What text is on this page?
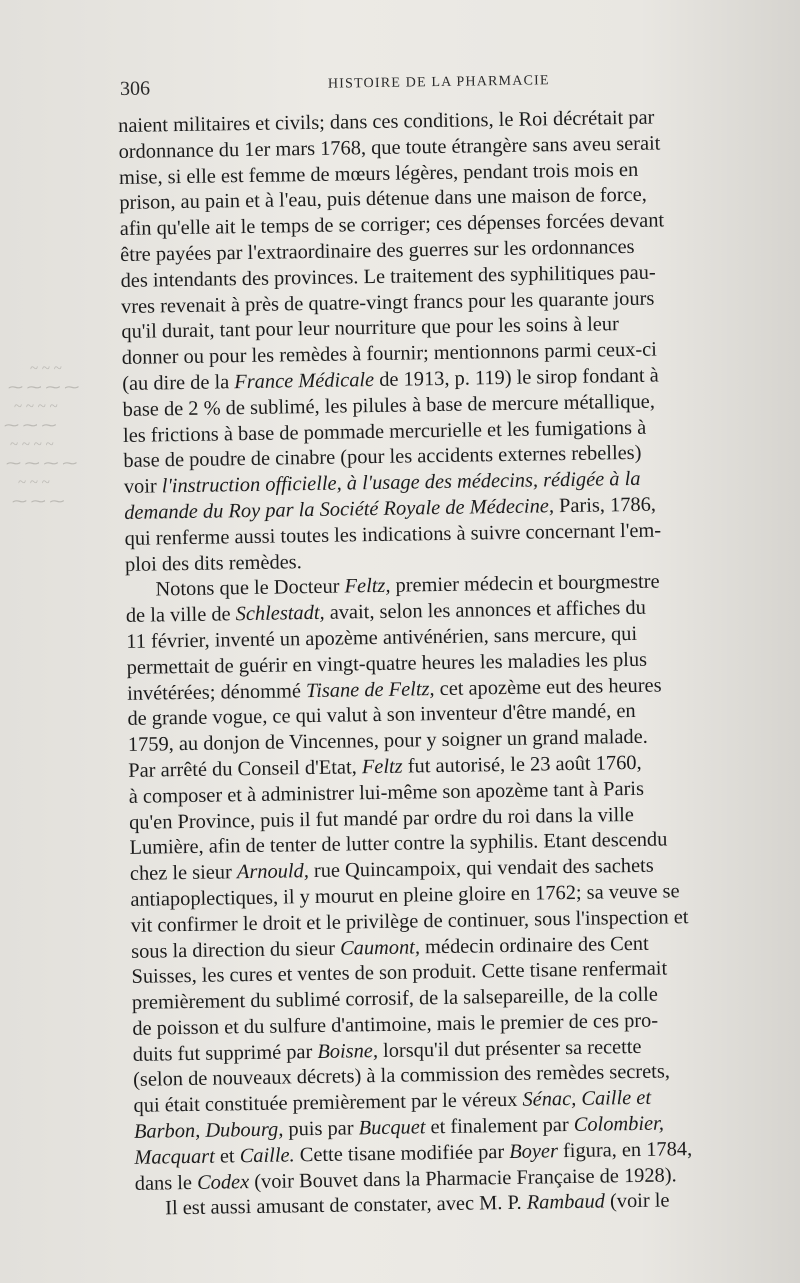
~ ~ ~
⁓ ⁓ ⁓ ⁓
~ ~ ~ ~
⁓ ⁓ ⁓
~ ~ ~ ~
⁓ ⁓ ⁓ ⁓
~ ~ ~
⁓ ⁓ ⁓
306	HISTOIRE DE LA PHARMACIE
naient militaires et civils; dans ces conditions, le Roi décrétait par
ordonnance du 1er mars 1768, que toute étrangère sans aveu serait
mise, si elle est femme de mœurs légères, pendant trois mois en
prison, au pain et à l'eau, puis détenue dans une maison de force,
afin qu'elle ait le temps de se corriger; ces dépenses forcées devant
être payées par l'extraordinaire des guerres sur les ordonnances
des intendants des provinces. Le traitement des syphilitiques pau-
vres revenait à près de quatre-vingt francs pour les quarante jours
qu'il durait, tant pour leur nourriture que pour les soins à leur
donner ou pour les remèdes à fournir; mentionnons parmi ceux-ci
(au dire de la France Médicale de 1913, p. 119) le sirop fondant à
base de 2 % de sublimé, les pilules à base de mercure métallique,
les frictions à base de pommade mercurielle et les fumigations à
base de poudre de cinabre (pour les accidents externes rebelles)
voir l'instruction officielle, à l'usage des médecins, rédigée à la
demande du Roy par la Société Royale de Médecine, Paris, 1786,
qui renferme aussi toutes les indications à suivre concernant l'em-
ploi des dits remèdes.
Notons que le Docteur Feltz, premier médecin et bourgmestre
de la ville de Schlestadt, avait, selon les annonces et affiches du
11 février, inventé un apozème antivénérien, sans mercure, qui
permettait de guérir en vingt-quatre heures les maladies les plus
invétérées; dénommé Tisane de Feltz, cet apozème eut des heures
de grande vogue, ce qui valut à son inventeur d'être mandé, en
1759, au donjon de Vincennes, pour y soigner un grand malade.
Par arrêté du Conseil d'Etat, Feltz fut autorisé, le 23 août 1760,
à composer et à administrer lui-même son apozème tant à Paris
qu'en Province, puis il fut mandé par ordre du roi dans la ville
Lumière, afin de tenter de lutter contre la syphilis. Etant descendu
chez le sieur Arnould, rue Quincampoix, qui vendait des sachets
antiapoplectiques, il y mourut en pleine gloire en 1762; sa veuve se
vit confirmer le droit et le privilège de continuer, sous l'inspection et
sous la direction du sieur Caumont, médecin ordinaire des Cent
Suisses, les cures et ventes de son produit. Cette tisane renfermait
premièrement du sublimé corrosif, de la salsepareille, de la colle
de poisson et du sulfure d'antimoine, mais le premier de ces pro-
duits fut supprimé par Boisne, lorsqu'il dut présenter sa recette
(selon de nouveaux décrets) à la commission des remèdes secrets,
qui était constituée premièrement par le véreux Sénac, Caille et
Barbon, Dubourg, puis par Bucquet et finalement par Colombier,
Macquart et Caille. Cette tisane modifiée par Boyer figura, en 1784,
dans le Codex (voir Bouvet dans la Pharmacie Française de 1928).
Il est aussi amusant de constater, avec M. P. Rambaud (voir le
